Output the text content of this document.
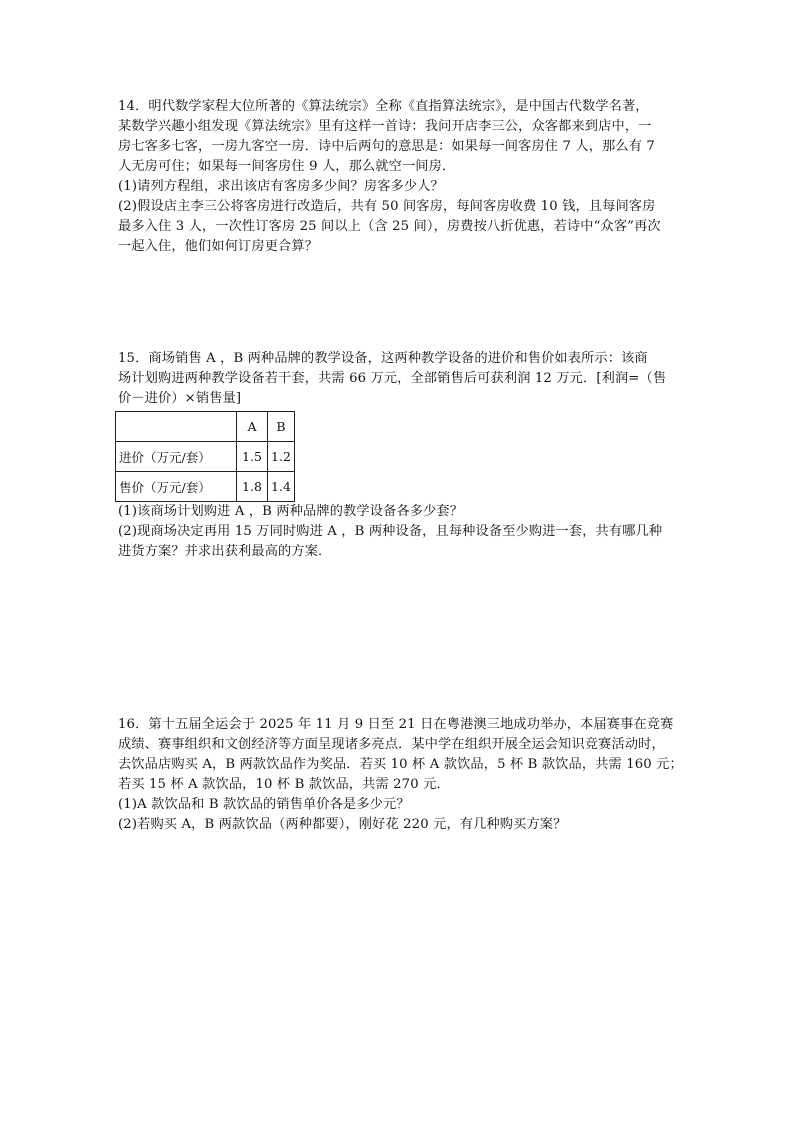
14．明代数学家程大位所著的《算法统宗》全称《直指算法统宗》，是中国古代数学名著，
某数学兴趣小组发现《算法统宗》里有这样一首诗：我问开店李三公，众客都来到店中，一
房七客多七客，一房九客空一房．诗中后两句的意思是：如果每一间客房住 7 人，那么有 7
人无房可住；如果每一间客房住 9 人，那么就空一间房．
(1)请列方程组，求出该店有客房多少间？房客多少人？
(2)假设店主李三公将客房进行改造后，共有 50 间客房，每间客房收费 10 钱，且每间客房
最多入住 3 人，一次性订客房 25 间以上（含 25 间），房费按八折优惠，若诗中“众客”再次
一起入住，他们如何订房更合算？
15．商场销售 A ，B 两种品牌的教学设备，这两种教学设备的进价和售价如表所示：该商
场计划购进两种教学设备若干套，共需 66 万元，全部销售后可获利润 12 万元．[利润=（售
价－进价）×销售量]
	A	B
进价（万元/套）	1.5	1.2
售价（万元/套）	1.8	1.4
(1)该商场计划购进 A ，B 两种品牌的教学设备各多少套？
(2)现商场决定再用 15 万同时购进 A ，B 两种设备，且每种设备至少购进一套，共有哪几种
进货方案？并求出获利最高的方案．
16．第十五届全运会于 2025 年 11 月 9 日至 21 日在粤港澳三地成功举办，本届赛事在竞赛
成绩、赛事组织和文创经济等方面呈现诸多亮点．某中学在组织开展全运会知识竞赛活动时，
去饮品店购买 A，B 两款饮品作为奖品．若买 10 杯 A 款饮品，5 杯 B 款饮品，共需 160 元；
若买 15 杯 A 款饮品，10 杯 B 款饮品，共需 270 元．
(1)A 款饮品和 B 款饮品的销售单价各是多少元？
(2)若购买 A，B 两款饮品（两种都要），刚好花 220 元，有几种购买方案？
